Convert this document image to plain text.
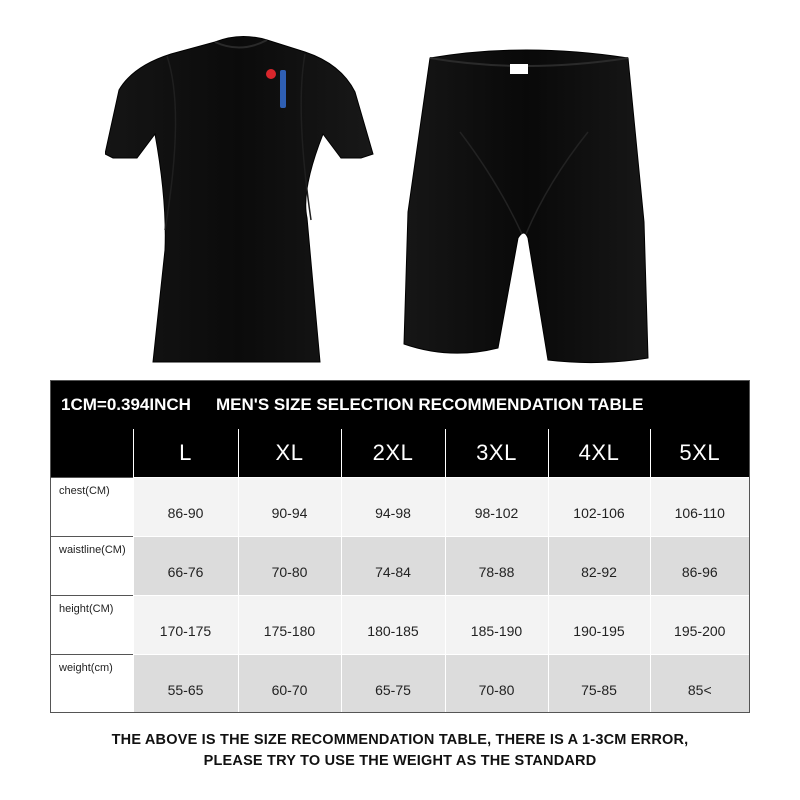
1CM=0.394INCH MEN'S SIZE SELECTION RECOMMENDATION TABLE
	L	XL	2XL	3XL	4XL	5XL
chest(CM)	86-90	90-94	94-98	98-102	102-106	106-110
waistline(CM)	66-76	70-80	74-84	78-88	82-92	86-96
height(CM)	170-175	175-180	180-185	185-190	190-195	195-200
weight(cm)	55-65	60-70	65-75	70-80	75-85	85<

THE ABOVE IS THE SIZE RECOMMENDATION TABLE, THERE IS A 1-3CM ERROR,
PLEASE TRY TO USE THE WEIGHT AS THE STANDARD
